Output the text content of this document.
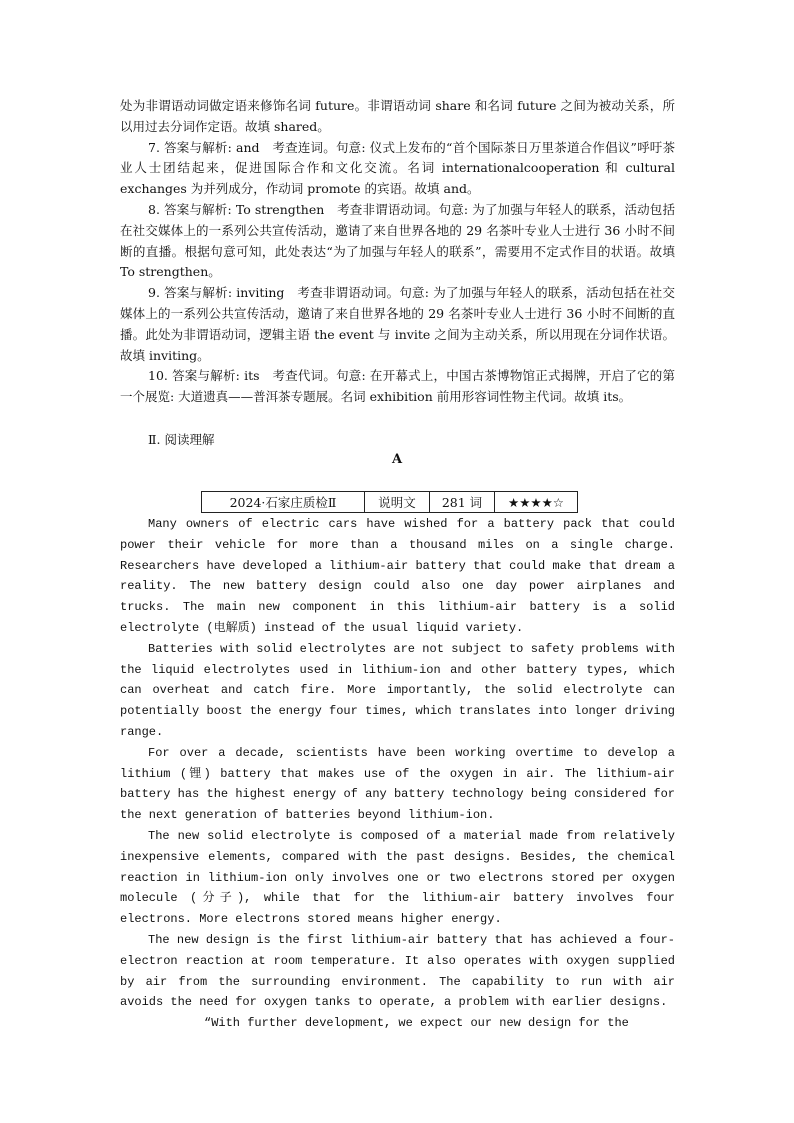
处为非谓语动词做定语来修饰名词 future。非谓语动词 share 和名词 future 之间为被动关系，所以用过去分词作定语。故填 shared。

7. 答案与解析: and　考查连词。句意: 仪式上发布的“首个国际茶日万里茶道合作倡议”呼吁茶业人士团结起来，促进国际合作和文化交流。名词 internationalcooperation 和 cultural exchanges 为并列成分，作动词 promote 的宾语。故填 and。

8. 答案与解析: To strengthen　考查非谓语动词。句意: 为了加强与年轻人的联系，活动包括在社交媒体上的一系列公共宣传活动，邀请了来自世界各地的 29 名茶叶专业人士进行 36 小时不间断的直播。根据句意可知，此处表达“为了加强与年轻人的联系”，需要用不定式作目的状语。故填 To strengthen。

9. 答案与解析: inviting　考查非谓语动词。句意: 为了加强与年轻人的联系，活动包括在社交媒体上的一系列公共宣传活动，邀请了来自世界各地的 29 名茶叶专业人士进行 36 小时不间断的直播。此处为非谓语动词，逻辑主语 the event 与 invite 之间为主动关系，所以用现在分词作状语。故填 inviting。

10. 答案与解析: its　考查代词。句意: 在开幕式上，中国古茶博物馆正式揭牌，开启了它的第一个展览: 大道遗真——普洱茶专题展。名词 exhibition 前用形容词性物主代词。故填 its。

Ⅱ. 阅读理解
A
2024·石家庄质检Ⅱ	说明文	281 词	★★★★☆

Many owners of electric cars have wished for a battery pack that could power their vehicle for more than a thousand miles on a single charge. Researchers have developed a lithium-air battery that could make that dream a reality. The new battery design could also one day power airplanes and trucks. The main new component in this lithium-air battery is a solid electrolyte (电解质) instead of the usual liquid variety.

Batteries with solid electrolytes are not subject to safety problems with the liquid electrolytes used in lithium-ion and other battery types, which can overheat and catch fire. More importantly, the solid electrolyte can potentially boost the energy four times, which translates into longer driving range.

For over a decade, scientists have been working overtime to develop a lithium (锂) battery that makes use of the oxygen in air. The lithium-air battery has the highest energy of any battery technology being considered for the next generation of batteries beyond lithium-ion.

The new solid electrolyte is composed of a material made from relatively inexpensive elements, compared with the past designs. Besides, the chemical reaction in lithium-ion only involves one or two electrons stored per oxygen molecule (分子), while that for the lithium-air battery involves four electrons. More electrons stored means higher energy.

The new design is the first lithium-air battery that has achieved a four-electron reaction at room temperature. It also operates with oxygen supplied by air from the surrounding environment. The capability to run with air avoids the need for oxygen tanks to operate, a problem with earlier designs.

“With further development, we expect our new design for the
